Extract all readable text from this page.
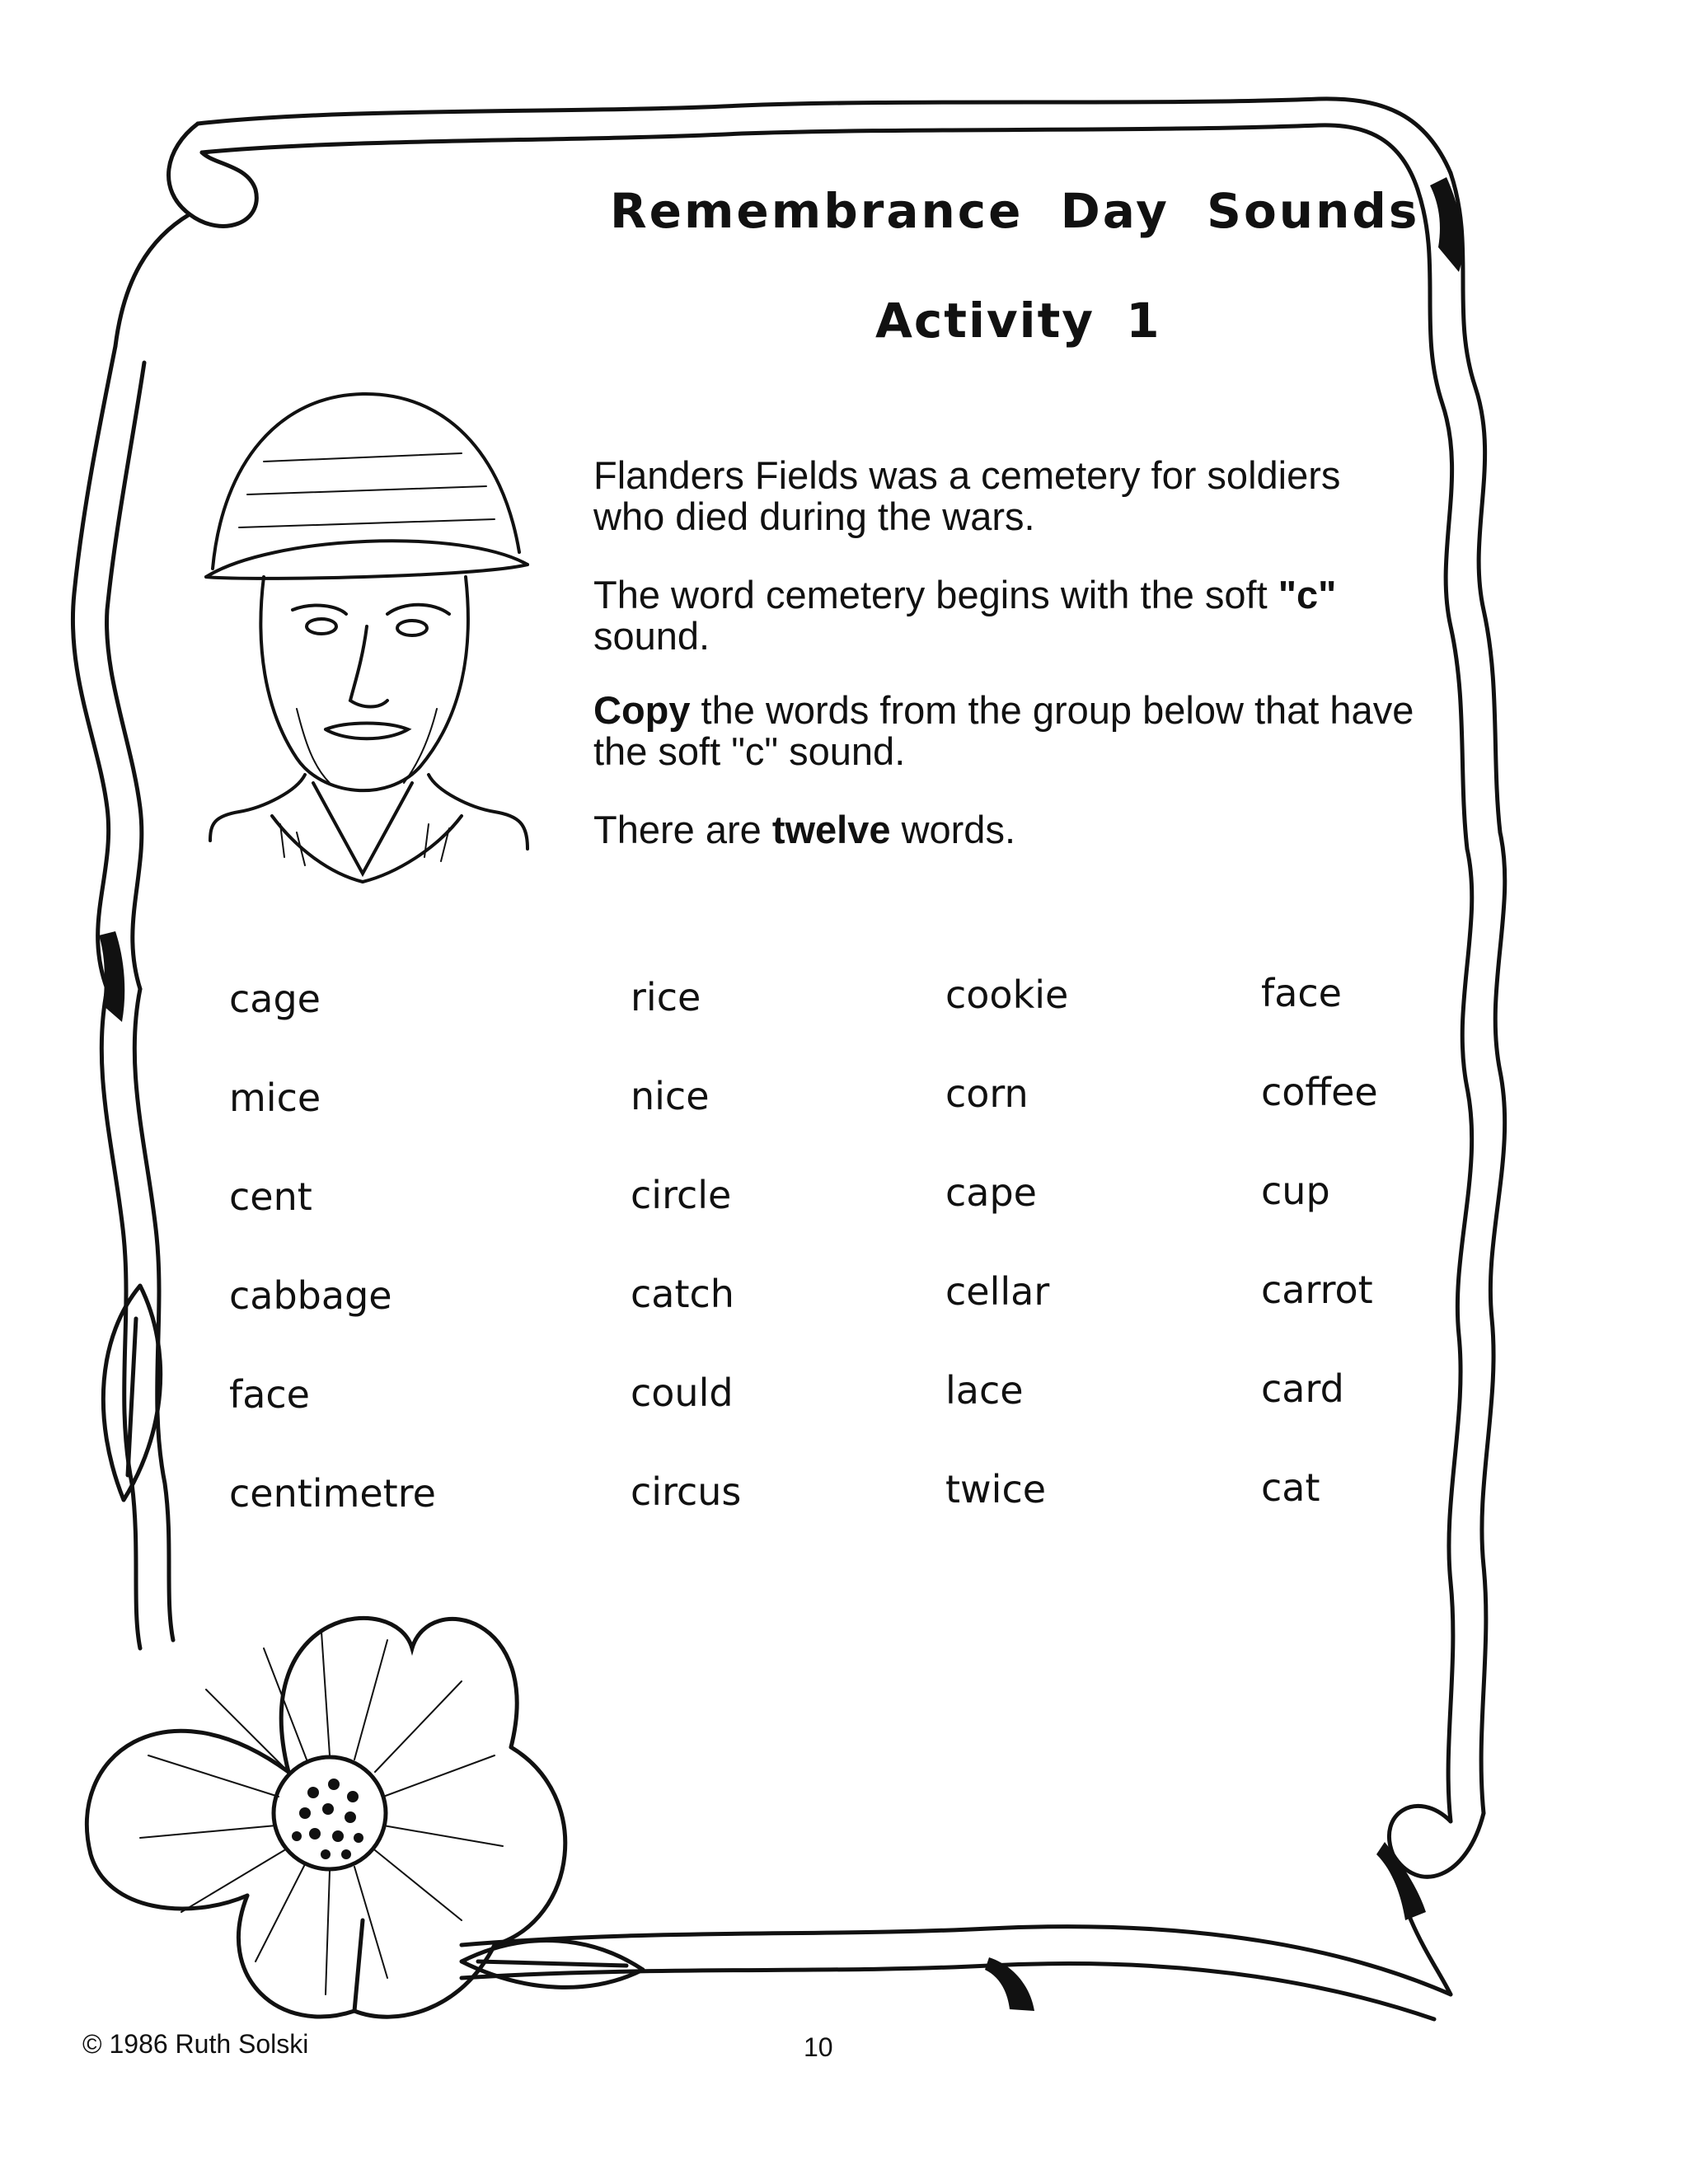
Remembrance Day Sounds
Activity 1
Flanders Fields was a cemetery for soldiers who died during the wars.
The word cemetery begins with the soft "c" sound.
Copy the words from the group below that have the soft "c" sound.
There are twelve words.
cage
mice
cent
cabbage
face
centimetre
rice
nice
circle
catch
could
circus
cookie
corn
cape
cellar
lace
twice
face
coffee
cup
carrot
card
cat
© 1986 Ruth Solski	10
